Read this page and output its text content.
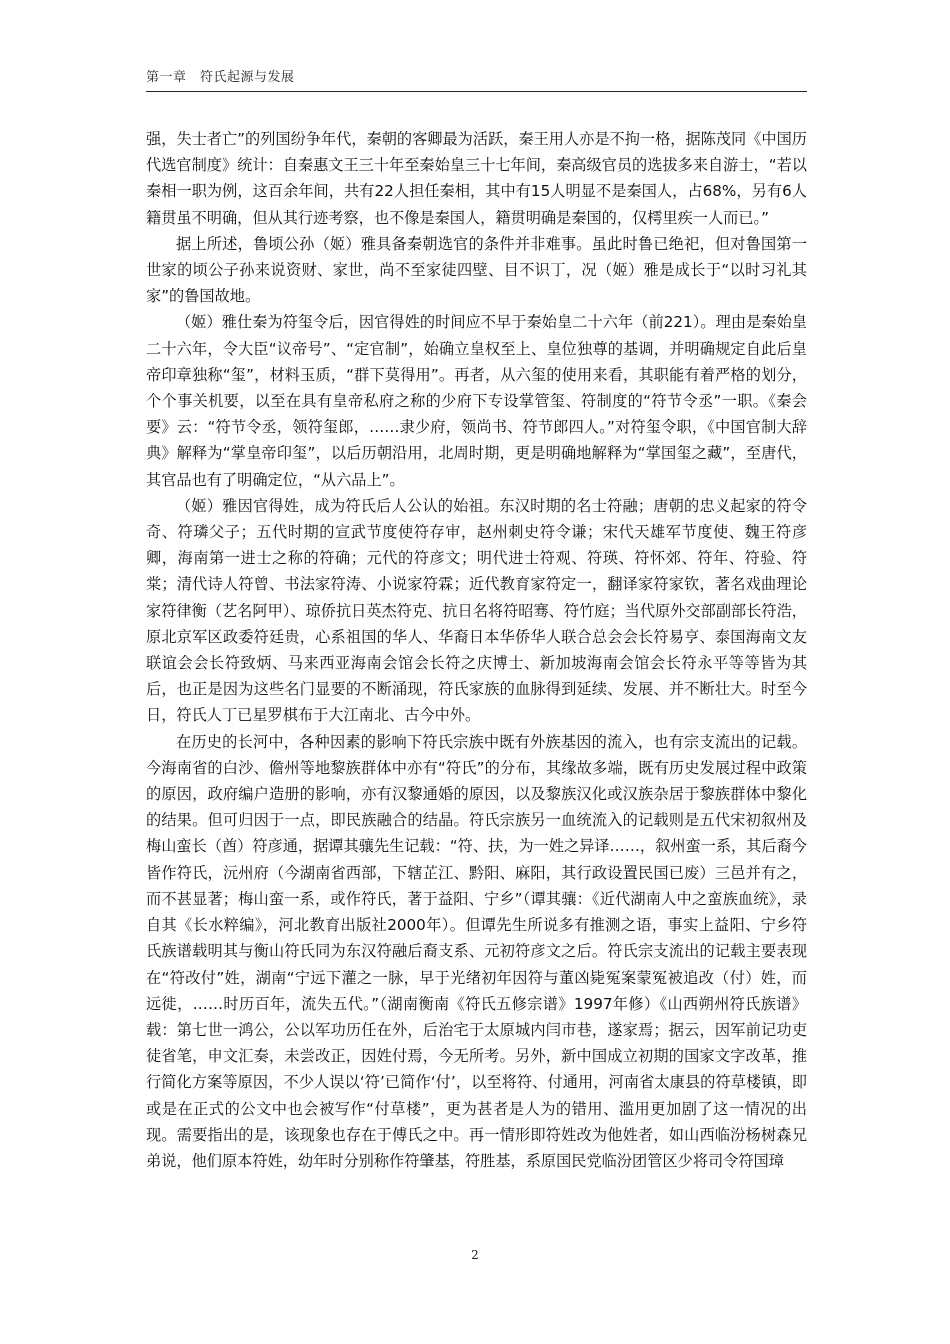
第一章　符氏起源与发展

强，失士者亡”的列国纷争年代，秦朝的客卿最为活跃，秦王用人亦是不拘一格，据陈茂同《中国历代选官制度》统计：自秦惠文王三十年至秦始皇三十七年间，秦高级官员的选拔多来自游士，“若以秦相一职为例，这百余年间，共有22人担任秦相，其中有15人明显不是秦国人，占68%，另有6人籍贯虽不明确，但从其行迹考察，也不像是秦国人，籍贯明确是秦国的，仅樗里疾一人而已。”

据上所述，鲁顷公孙（姬）雅具备秦朝选官的条件并非难事。虽此时鲁已绝祀，但对鲁国第一世家的顷公子孙来说资财、家世，尚不至家徒四壁、目不识丁，况（姬）雅是成长于“以时习礼其家”的鲁国故地。

（姬）雅仕秦为符玺令后，因官得姓的时间应不早于秦始皇二十六年（前221）。理由是秦始皇二十六年，令大臣“议帝号”、“定官制”，始确立皇权至上、皇位独尊的基调，并明确规定自此后皇帝印章独称“玺”，材料玉质，“群下莫得用”。再者，从六玺的使用来看，其职能有着严格的划分，个个事关机要，以至在具有皇帝私府之称的少府下专设掌管玺、符制度的“符节令丞”一职。《秦会要》云：“符节令丞，领符玺郎，……隶少府，领尚书、符节郎四人。”对符玺令职，《中国官制大辞典》解释为“掌皇帝印玺”，以后历朝沿用，北周时期，更是明确地解释为“掌国玺之藏”，至唐代，其官品也有了明确定位，“从六品上”。

（姬）雅因官得姓，成为符氏后人公认的始祖。东汉时期的名士符融；唐朝的忠义起家的符令奇、符璘父子；五代时期的宣武节度使符存审，赵州刺史符令谦；宋代天雄军节度使、魏王符彦卿，海南第一进士之称的符确；元代的符彦文；明代进士符观、符瑛、符怀郊、符年、符验、符棠；清代诗人符曾、书法家符涛、小说家符霖；近代教育家符定一，翻译家符家钦，著名戏曲理论家符律衡（艺名阿甲）、琼侨抗日英杰符克、抗日名将符昭骞、符竹庭；当代原外交部副部长符浩，原北京军区政委符廷贵，心系祖国的华人、华裔日本华侨华人联合总会会长符易亨、泰国海南文友联谊会会长符致炳、马来西亚海南会馆会长符之庆博士、新加坡海南会馆会长符永平等等皆为其后，也正是因为这些名门显要的不断涌现，符氏家族的血脉得到延续、发展、并不断壮大。时至今日，符氏人丁已星罗棋布于大江南北、古今中外。

在历史的长河中，各种因素的影响下符氏宗族中既有外族基因的流入，也有宗支流出的记载。今海南省的白沙、儋州等地黎族群体中亦有“符氏”的分布，其缘故多端，既有历史发展过程中政策的原因，政府编户造册的影响，亦有汉黎通婚的原因，以及黎族汉化或汉族杂居于黎族群体中黎化的结果。但可归因于一点，即民族融合的结晶。符氏宗族另一血统流入的记载则是五代宋初叙州及梅山蛮长（酋）符彦通，据谭其骧先生记载：“符、扶，为一姓之异译……，叙州蛮一系，其后裔今皆作符氏，沅州府（今湖南省西部，下辖芷江、黔阳、麻阳，其行政设置民国已废）三邑并有之，而不甚显著；梅山蛮一系，或作符氏，著于益阳、宁乡”（谭其骧：《近代湖南人中之蛮族血统》，录自其《长水粹编》，河北教育出版社2000年）。但谭先生所说多有推测之语，事实上益阳、宁乡符氏族谱载明其与衡山符氏同为东汉符融后裔支系、元初符彦文之后。符氏宗支流出的记载主要表现在“符改付”姓，湖南“宁远下灌之一脉，早于光绪初年因符与董凶毙冤案蒙冤被追改（付）姓，而远徙，……时历百年，流失五代。”（湖南衡南《符氏五修宗谱》1997年修）《山西朔州符氏族谱》载：第七世一鸿公，公以军功历任在外，后治宅于太原城内闫市巷，遂家焉；据云，因军前记功吏徒省笔，申文汇奏，未尝改正，因姓付焉，今无所考。另外，新中国成立初期的国家文字改革，推行简化方案等原因，不少人误以‘符’已简作‘付’，以至将符、付通用，河南省太康县的符草楼镇，即或是在正式的公文中也会被写作“付草楼”，更为甚者是人为的错用、滥用更加剧了这一情况的出现。需要指出的是，该现象也存在于傅氏之中。再一情形即符姓改为他姓者，如山西临汾杨树森兄弟说，他们原本符姓，幼年时分别称作符肇基，符胜基，系原国民党临汾团管区少将司令符国璋

2
